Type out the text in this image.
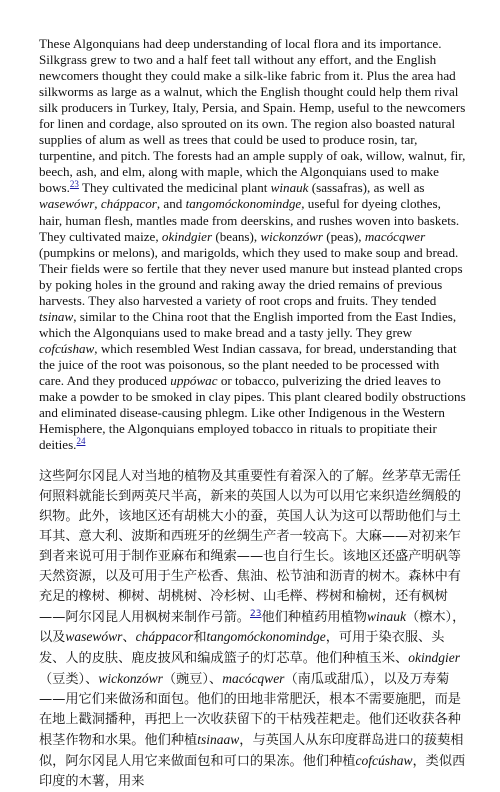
These Algonquians had deep understanding of local flora and its importance. Silkgrass grew to two and a half feet tall without any effort, and the English newcomers thought they could make a silk-like fabric from it. Plus the area had silkworms as large as a walnut, which the English thought could help them rival silk producers in Turkey, Italy, Persia, and Spain. Hemp, useful to the newcomers for linen and cordage, also sprouted on its own. The region also boasted natural supplies of alum as well as trees that could be used to produce rosin, tar, turpentine, and pitch. The forests had an ample supply of oak, willow, walnut, fir, beech, ash, and elm, along with maple, which the Algonquians used to make bows.$^{23}$ They cultivated the medicinal plant winauk (sassafras), as well as wasewówr, cháppacor, and tangomóckonomindge, useful for dyeing clothes, hair, human flesh, mantles made from deerskins, and rushes woven into baskets. They cultivated maize, okindgier (beans), wickonzówr (peas), macócqwer (pumpkins or melons), and marigolds, which they used to make soup and bread. Their fields were so fertile that they never used manure but instead planted crops by poking holes in the ground and raking away the dried remains of previous harvests. They also harvested a variety of root crops and fruits. They tended tsinaw, similar to the China root that the English imported from the East Indies, which the Algonquians used to make bread and a tasty jelly. They grew cofcúshaw, which resembled West Indian cassava, for bread, understanding that the juice of the root was poisonous, so the plant needed to be processed with care. And they produced uppówac or tobacco, pulverizing the dried leaves to make a powder to be smoked in clay pipes. This plant cleared bodily obstructions and eliminated disease-causing phlegm. Like other Indigenous in the Western Hemisphere, the Algonquians employed tobacco in rituals to propitiate their deities.$^{24}$

这些阿尔冈昆人对当地的植物及其重要性有着深入的了解。丝茅草无需任何照料就能长到两英尺半高，新来的英国人以为可以用它来织造丝绸般的织物。此外，该地区还有胡桃大小的蚕，英国人认为这可以帮助他们与土耳其、意大利、波斯和西班牙的丝绸生产者一较高下。大麻——对初来乍到者来说可用于制作亚麻布和绳索——也自行生长。该地区还盛产明矾等天然资源，以及可用于生产松香、焦油、松节油和沥青的树木。森林中有充足的橡树、柳树、胡桃树、冷杉树、山毛榉、梣树和榆树，还有枫树——阿尔冈昆人用枫树来制作弓箭。$^{23}$他们种植药用植物winauk（檫木），以及wasewówr、cháppacor和tangomóckonomindge，可用于染衣服、头发、人的皮肤、鹿皮披风和编成篮子的灯芯草。他们种植玉米、okindgier（豆类）、wickonzówr（豌豆）、macócqwer（南瓜或甜瓜），以及万寿菊——用它们来做汤和面包。他们的田地非常肥沃，根本不需要施肥，而是在地上戳洞播种，再把上一次收获留下的干枯残茬耙走。他们还收获各种根茎作物和水果。他们种植tsinaaw，与英国人从东印度群岛进口的菝葜相似，阿尔冈昆人用它来做面包和可口的果冻。他们种植cofcúshaw，类似西印度的木薯，用来
